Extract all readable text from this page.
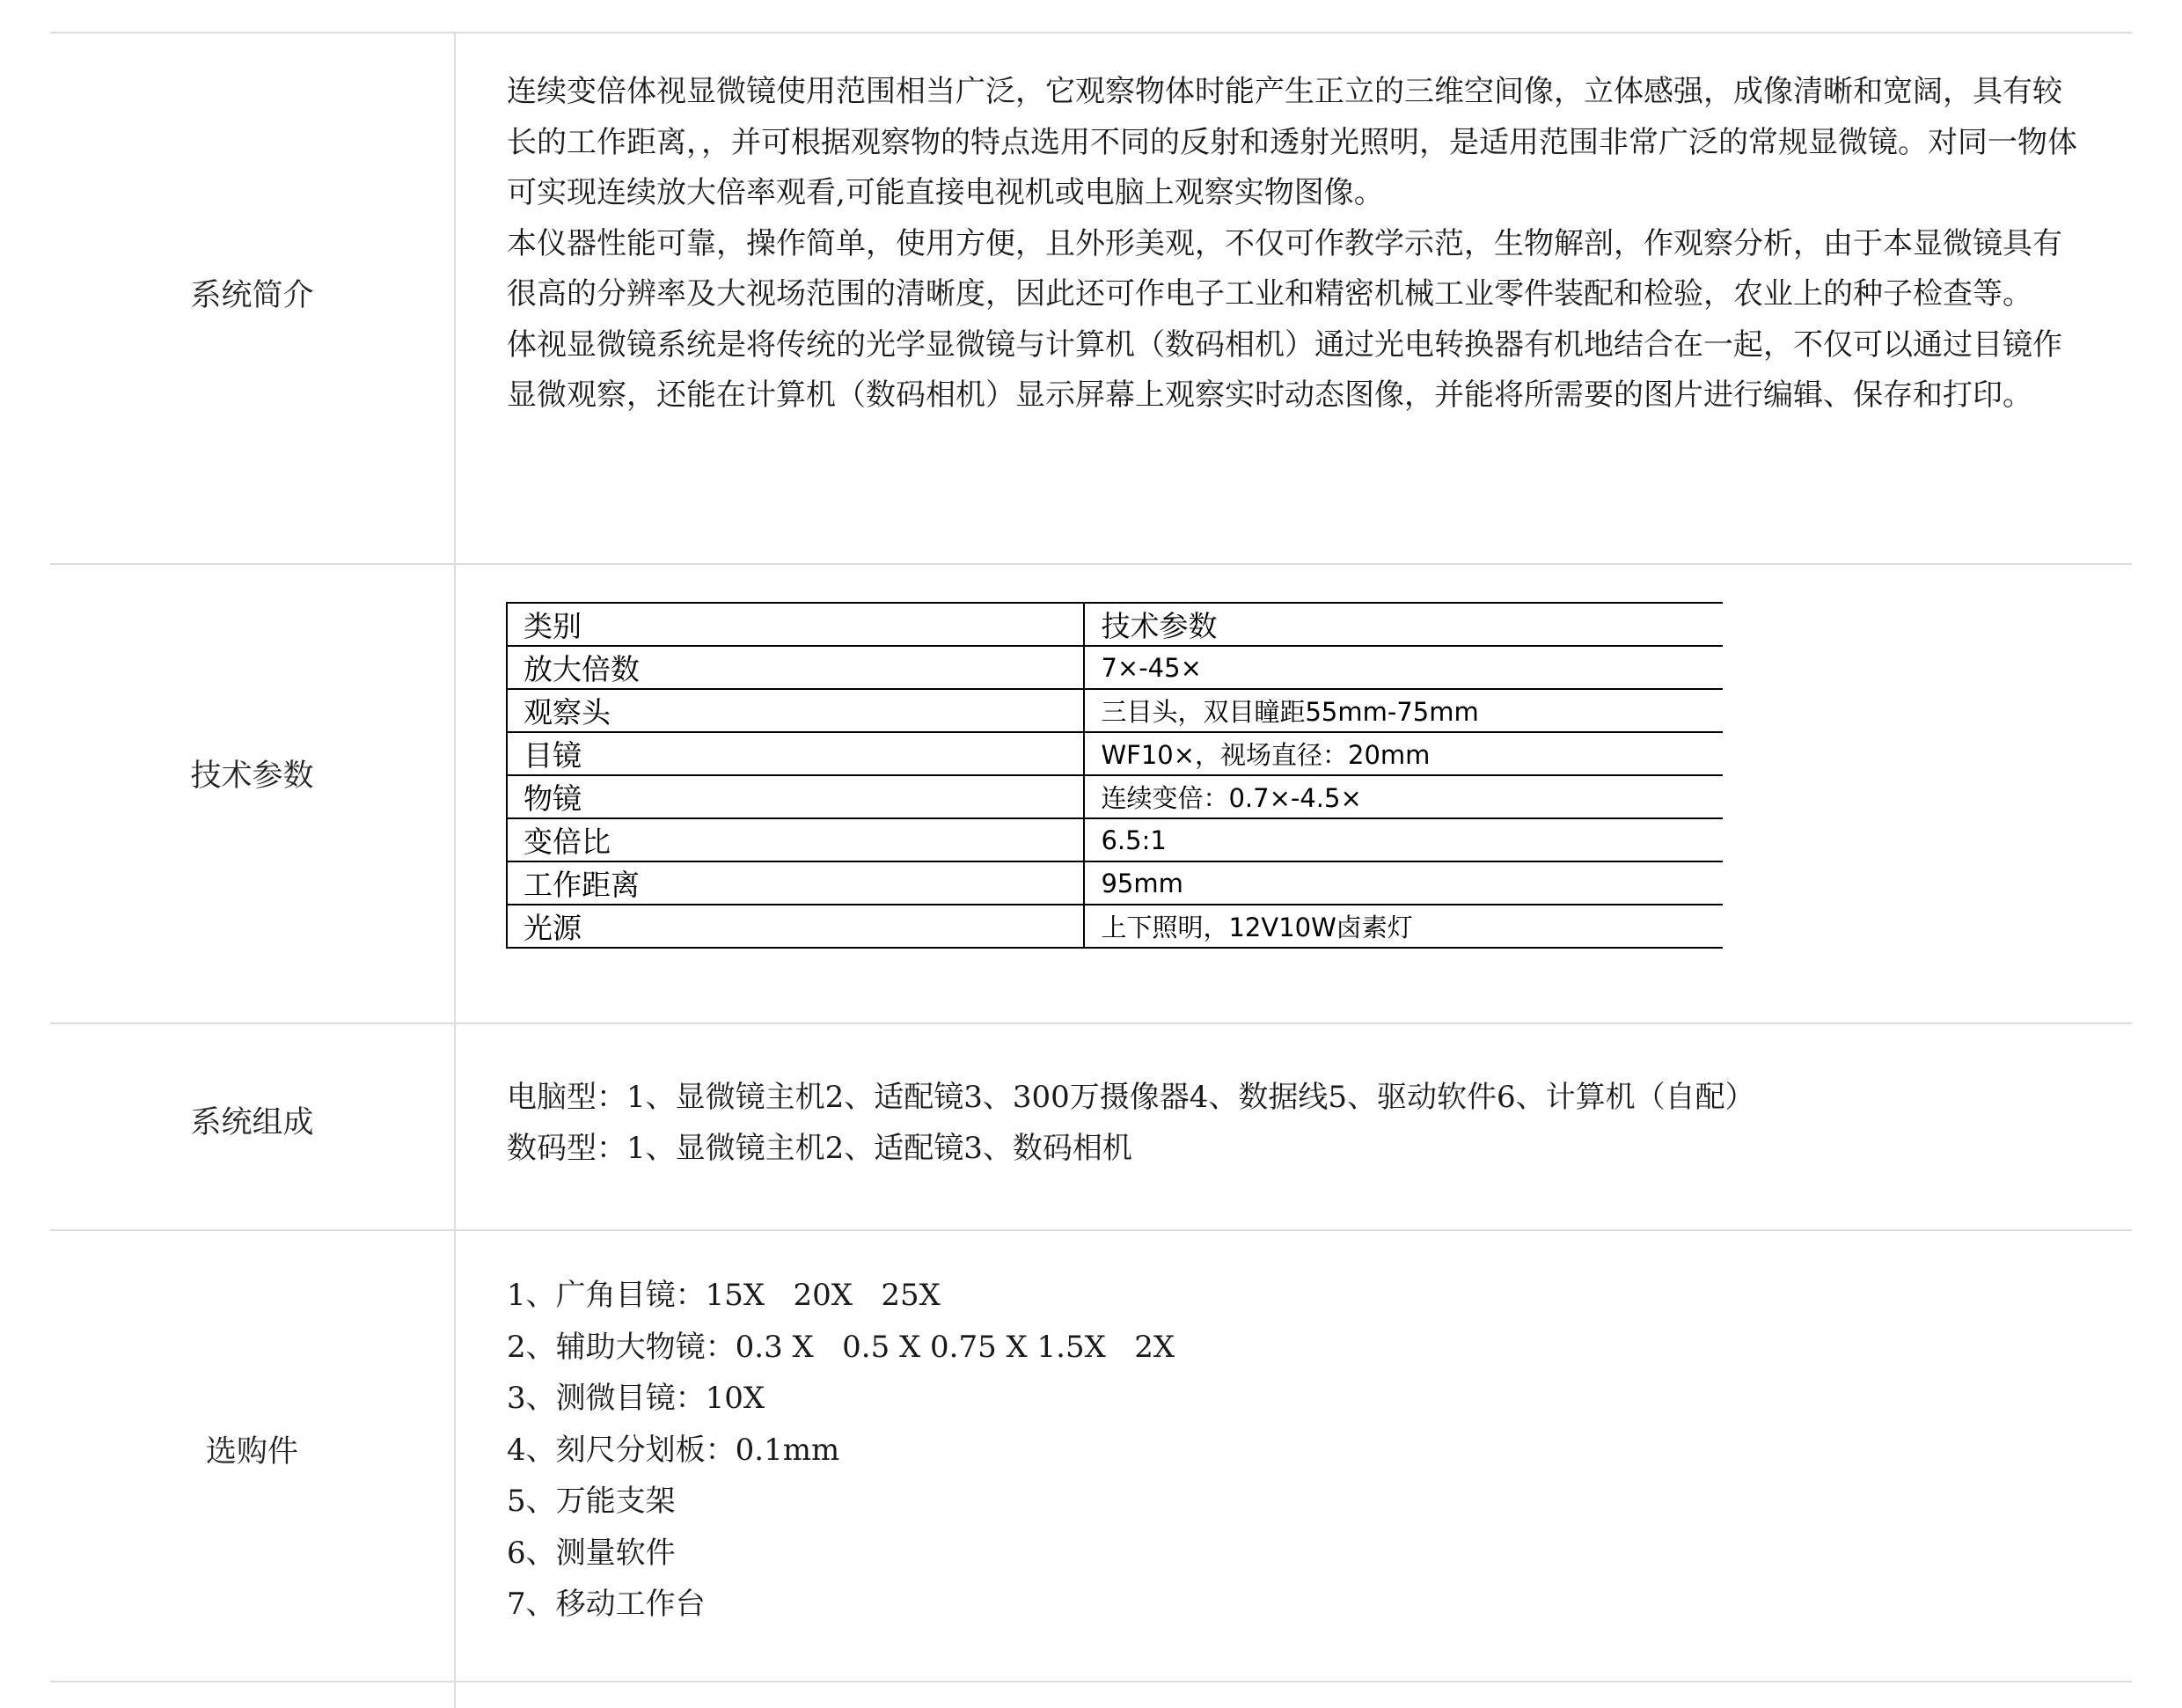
系统简介

连续变倍体视显微镜使用范围相当广泛，它观察物体时能产生正立的三维空间像，立体感强，成像清晰和宽阔，具有较长的工作距离，，并可根据观察物的特点选用不同的反射和透射光照明，是适用范围非常广泛的常规显微镜。对同一物体可实现连续放大倍率观看,可能直接电视机或电脑上观察实物图像。

本仪器性能可靠，操作简单，使用方便，且外形美观，不仅可作教学示范，生物解剖，作观察分析，由于本显微镜具有 很高的分辨率及大视场范围的清晰度，因此还可作电子工业和精密机械工业零件装配和检验，农业上的种子检查等。

体视显微镜系统是将传统的光学显微镜与计算机（数码相机）通过光电转换器有机地结合在一起，不仅可以通过目镜作显微观察，还能在计算机（数码相机）显示屏幕上观察实时动态图像，并能将所需要的图片进行编辑、保存和打印。

技术参数
类别	技术参数
放大倍数	7×-45×
观察头	三目头，双目瞳距55mm-75mm
目镜	WF10×，视场直径：20mm
物镜	连续变倍：0.7×-4.5×
变倍比	6.5:1
工作距离	95mm
光源	上下照明，12V10W卤素灯
系统组成

电脑型：1、显微镜主机2、适配镜3、300万摄像器4、数据线5、驱动软件6、计算机（自配）

数码型：1、显微镜主机2、适配镜3、数码相机

选购件

1、广角目镜：15X   20X   25X

2、辅助大物镜：0.3 X   0.5 X 0.75 X 1.5X   2X

3、测微目镜：10X

4、刻尺分划板：0.1mm

5、万能支架

6、测量软件

7、移动工作台
